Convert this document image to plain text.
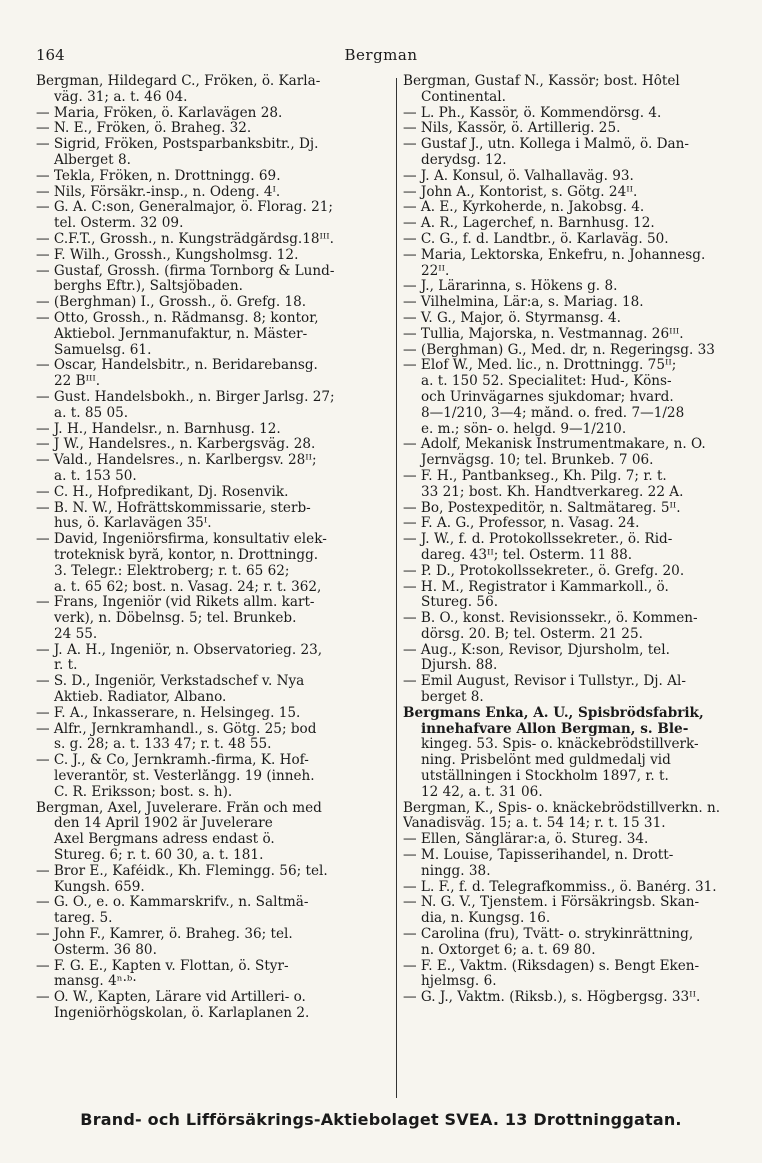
164	Bergman
Bergman, Hildegard C., Fröken, ö. Karla-
väg. 31; a. t. 46 04.
— Maria, Fröken, ö. Karlavägen 28.
— N. E., Fröken, ö. Braheg. 32.
— Sigrid, Fröken, Postsparbanksbitr., Dj.
Alberget 8.
— Tekla, Fröken, n. Drottningg. 69.
— Nils, Försäkr.-insp., n. Odeng. 4ᴵ.
— G. A. C:son, Generalmajor, ö. Florag. 21;
tel. Österm. 32 09.
— C.F.T., Grossh., n. Kungsträdgårdsg.18ᴵᴵᴵ.
— F. Wilh., Grossh., Kungsholmsg. 12.
— Gustaf, Grossh. (firma Tornborg & Lund-
berghs Eftr.), Saltsjöbaden.
— (Berghman) I., Grossh., ö. Grefg. 18.
— Otto, Grossh., n. Rådmansg. 8; kontor,
Aktiebol. Jernmanufaktur, n. Mäster-
Samuelsg. 61.
— Oscar, Handelsbitr., n. Beridarebansg.
22 Bᴵᴵᴵ.
— Gust. Handelsbokh., n. Birger Jarlsg. 27;
a. t. 85 05.
— J. H., Handelsr., n. Barnhusg. 12.
— J W., Handelsres., n. Karbergsväg. 28.
— Vald., Handelsres., n. Karlbergsv. 28ᴵᴵ;
a. t. 153 50.
— C. H., Hofpredikant, Dj. Rosenvik.
— B. N. W., Hofrättskommissarie, sterb-
hus, ö. Karlavägen 35ᴵ.
— David, Ingeniörsfirma, konsultativ elek-
troteknisk byrå, kontor, n. Drottningg.
3. Telegr.: Elektroberg; r. t. 65 62;
a. t. 65 62; bost. n. Vasag. 24; r. t. 362,
— Frans, Ingeniör (vid Rikets allm. kart-
verk), n. Döbelnsg. 5; tel. Brunkeb.
24 55.
— J. A. H., Ingeniör, n. Observatorieg. 23,
r. t.
— S. D., Ingeniör, Verkstadschef v. Nya
Aktieb. Radiator, Albano.
— F. A., Inkasserare, n. Helsingeg. 15.
— Alfr., Jernkramhandl., s. Götg. 25; bod
s. g. 28; a. t. 133 47; r. t. 48 55.
— C. J., & Co, Jernkramh.-firma, K. Hof-
leverantör, st. Vesterlångg. 19 (inneh.
C. R. Eriksson; bost. s. h).
Bergman, Axel, Juvelerare. Från och med
den 14 April 1902 är Juvelerare
Axel Bergmans adress endast ö.
Stureg. 6; r. t. 60 30, a. t. 181.
— Bror E., Kaféidk., Kh. Flemingg. 56; tel.
Kungsh. 659.
— G. O., e. o. Kammarskrifv., n. Saltmä-
tareg. 5.
— John F., Kamrer, ö. Braheg. 36; tel.
Österm. 36 80.
— F. G. E., Kapten v. Flottan, ö. Styr-
mansg. 4ⁿ·ᵇ·
— O. W., Kapten, Lärare vid Artilleri- o.
Ingeniörhögskolan, ö. Karlaplanen 2.
Bergman, Gustaf N., Kassör; bost. Hôtel
Continental.
— L. Ph., Kassör, ö. Kommendörsg. 4.
— Nils, Kassör, ö. Artillerig. 25.
— Gustaf J., utn. Kollega i Malmö, ö. Dan-
derydsg. 12.
— J. A. Konsul, ö. Valhallaväg. 93.
— John A., Kontorist, s. Götg. 24ᴵᴵ.
— A. E., Kyrkoherde, n. Jakobsg. 4.
— A. R., Lagerchef, n. Barnhusg. 12.
— C. G., f. d. Landtbr., ö. Karlaväg. 50.
— Maria, Lektorska, Enkefru, n. Johannesg.
22ᴵᴵ.
— J., Lärarinna, s. Hökens g. 8.
— Vilhelmina, Lär:a, s. Mariag. 18.
— V. G., Major, ö. Styrmansg. 4.
— Tullia, Majorska, n. Vestmannag. 26ᴵᴵᴵ.
— (Berghman) G., Med. dr, n. Regeringsg. 33
— Elof W., Med. lic., n. Drottningg. 75ᴵᴵ;
a. t. 150 52. Specialitet: Hud-, Köns-
och Urinvägarnes sjukdomar; hvard.
8—1/210, 3—4; månd. o. fred. 7—1/28
e. m.; sön- o. helgd. 9—1/210.
— Adolf, Mekanisk Instrumentmakare, n. Ö.
Jernvägsg. 10; tel. Brunkeb. 7 06.
— F. H., Pantbankseg., Kh. Pilg. 7; r. t.
33 21; bost. Kh. Handtverkareg. 22 A.
— Bo, Postexpeditör, n. Saltmätareg. 5ᴵᴵ.
— F. A. G., Professor, n. Vasag. 24.
— J. W., f. d. Protokollssekreter., ö. Rid-
dareg. 43ᴵᴵ; tel. Österm. 11 88.
— P. D., Protokollssekreter., ö. Grefg. 20.
— H. M., Registrator i Kammarkoll., ö.
Stureg. 56.
— B. O., konst. Revisionssekr., ö. Kommen-
dörsg. 20. B; tel. Österm. 21 25.
— Aug., K:son, Revisor, Djursholm, tel.
Djursh. 88.
— Emil August, Revisor i Tullstyr., Dj. Al-
berget 8.
Bergmans Enka, A. U., Spisbrödsfabrik,
innehafvare Allon Bergman, s. Ble-
kingeg. 53. Spis- o. knäckebrödstillverk-
ning. Prisbelönt med guldmedalj vid
utställningen i Stockholm 1897, r. t.
12 42, a. t. 31 06.
Bergman, K., Spis- o. knäckebrödstillverkn. n.
Vanadisväg. 15; a. t. 54 14; r. t. 15 31.
— Ellen, Sånglärar:a, ö. Stureg. 34.
— M. Louise, Tapisserihandel, n. Drott-
ningg. 38.
— L. F., f. d. Telegrafkommiss., ö. Banérg. 31.
— N. G. V., Tjenstem. i Försäkringsb. Skan-
dia, n. Kungsg. 16.
— Carolina (fru), Tvätt- o. strykinrättning,
n. Oxtorget 6; a. t. 69 80.
— F. E., Vaktm. (Riksdagen) s. Bengt Eken-
hjelmsg. 6.
— G. J., Vaktm. (Riksb.), s. Högbergsg. 33ᴵᴵ.
Brand- och Lifförsäkrings-Aktiebolaget SVEA. 13 Drottninggatan.
